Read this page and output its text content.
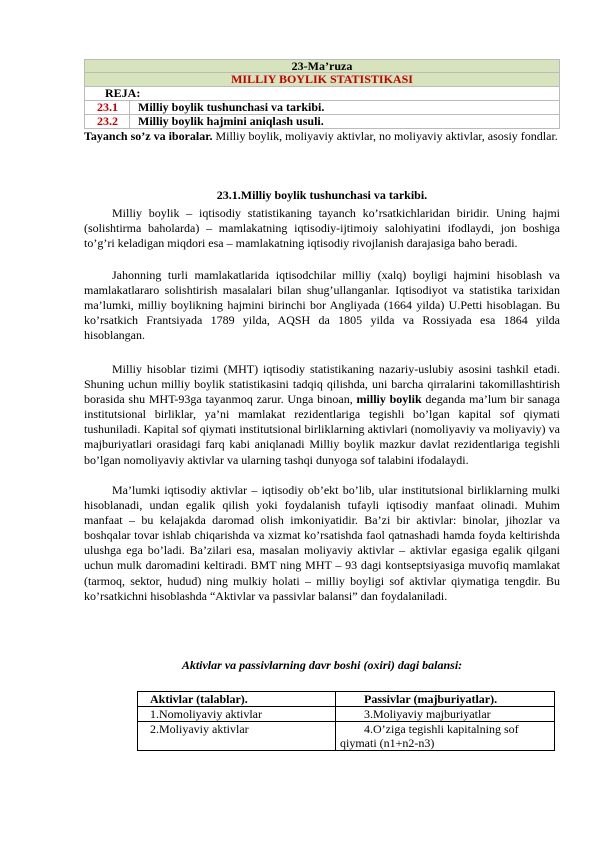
23-Ma’ruza
MILLIY BOYLIK STATISTIKASI
REJA:
23.1	Milliy boylik tushunchasi va tarkibi.
23.2	Milliy boylik hajmini aniqlash usuli.

Tayanch so’z va iboralar. Milliy boylik, moliyaviy aktivlar, no moliyaviy aktivlar, asosiy fondlar.

23.1.Milliy boylik tushunchasi va tarkibi.

Milliy boylik – iqtisodiy statistikaning tayanch ko’rsatkichlaridan biridir. Uning hajmi (solishtirma baholarda) – mamlakatning iqtisodiy-ijtimoiy salohiyatini ifodlaydi, jon boshiga to’g’ri keladigan miqdori esa – mamlakatning iqtisodiy rivojlanish darajasiga baho beradi.

Jahonning turli mamlakatlarida iqtisodchilar milliy (xalq) boyligi hajmini hisoblash va mamlakatlararo solishtirish masalalari bilan shug’ullanganlar. Iqtisodiyot va statistika tarixidan ma’lumki, milliy boylikning hajmini birinchi bor Angliyada (1664 yilda) U.Petti hisoblagan. Bu ko’rsatkich Frantsiyada 1789 yilda, AQSH da 1805 yilda va Rossiyada esa 1864 yilda hisoblangan.

Milliy hisoblar tizimi (MHT) iqtisodiy statistikaning nazariy-uslubiy asosini tashkil etadi. Shuning uchun milliy boylik statistikasini tadqiq qilishda, uni barcha qirralarini takomillashtirish borasida shu MHT-93ga tayanmoq zarur. Unga binoan, milliy boylik deganda ma’lum bir sanaga institutsional birliklar, ya’ni mamlakat rezidentlariga tegishli bo’lgan kapital sof qiymati tushuniladi. Kapital sof qiymati institutsional birliklarning aktivlari (nomoliyaviy va moliyaviy) va majburiyatlari orasidagi farq kabi aniqlanadi Milliy boylik mazkur davlat rezidentlariga tegishli bo’lgan nomoliyaviy aktivlar va ularning tashqi dunyoga sof talabini ifodalaydi.

Ma’lumki iqtisodiy aktivlar – iqtisodiy ob’ekt bo’lib, ular institutsional birliklarning mulki hisoblanadi, undan egalik qilish yoki foydalanish tufayli iqtisodiy manfaat olinadi. Muhim manfaat – bu kelajakda daromad olish imkoniyatidir. Ba’zi bir aktivlar: binolar, jihozlar va boshqalar tovar ishlab chiqarishda va xizmat ko’rsatishda faol qatnashadi hamda foyda keltirishda ulushga ega bo’ladi. Ba’zilari esa, masalan moliyaviy aktivlar – aktivlar egasiga egalik qilgani uchun mulk daromadini keltiradi. BMT ning MHT – 93 dagi kontseptsiyasiga muvofiq mamlakat (tarmoq, sektor, hudud) ning mulkiy holati – milliy boyligi sof aktivlar qiymatiga tengdir. Bu ko’rsatkichni hisoblashda “Aktivlar va passivlar balansi” dan foydalaniladi.

Aktivlar va passivlarning davr boshi (oxiri) dagi balansi:

Aktivlar (talablar).	Passivlar (majburiyatlar).
1.Nomoliyaviy aktivlar	3.Moliyaviy majburiyatlar
2.Moliyaviy aktivlar	4.O’ziga tegishli kapitalning sof qiymati (n1+n2-n3)
